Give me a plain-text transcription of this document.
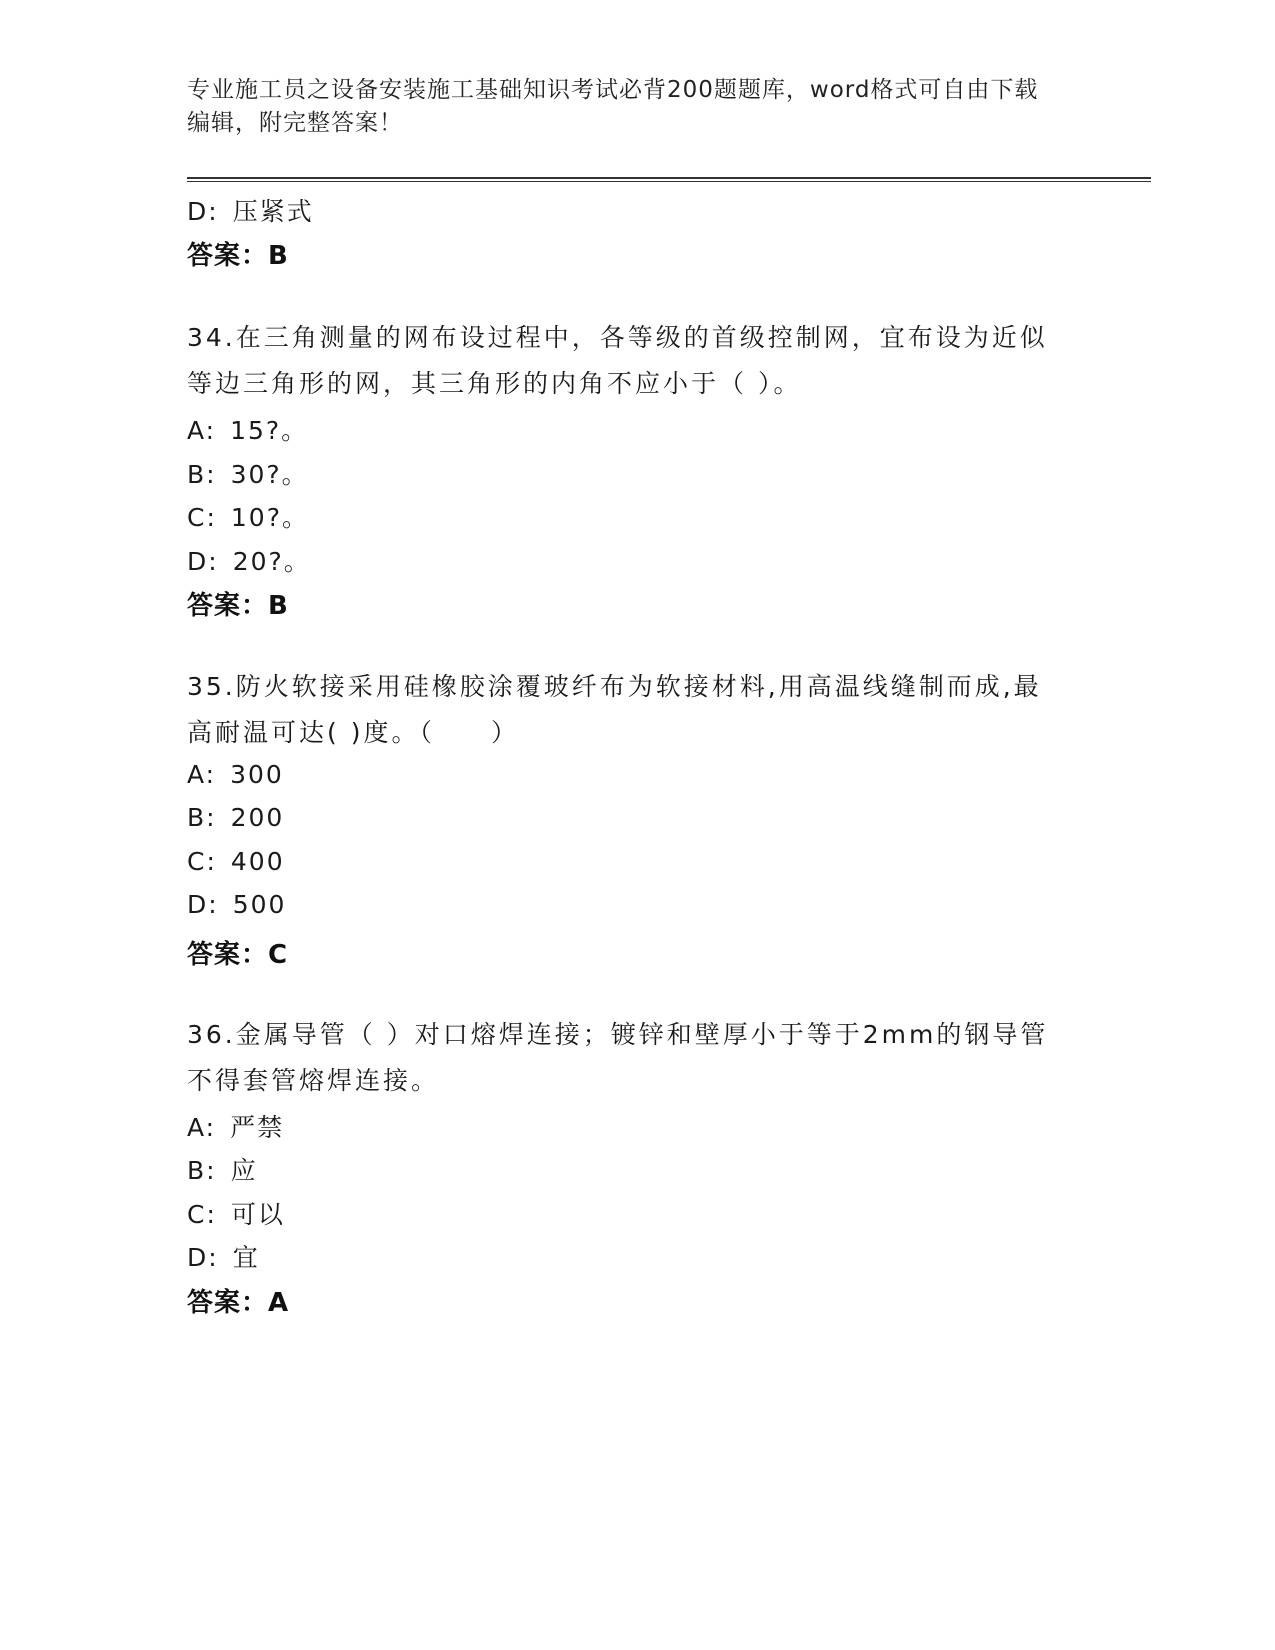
专业施工员之设备安装施工基础知识考试必背200题题库，word格式可自由下载
编辑，附完整答案！
D: 压紧式
答案：B
34.在三角测量的网布设过程中，各等级的首级控制网，宜布设为近似
等边三角形的网，其三角形的内角不应小于（ ）。
A: 15?。
B: 30?。
C: 10?。
D: 20?。
答案：B
35.防火软接采用硅橡胶涂覆玻纤布为软接材料,用高温线缝制而成,最
高耐温可达( )度。（　　）
A: 300
B: 200
C: 400
D: 500
答案：C
36.金属导管（ ）对口熔焊连接；镀锌和壁厚小于等于2mm的钢导管
不得套管熔焊连接。
A: 严禁
B: 应
C: 可以
D: 宜
答案：A
